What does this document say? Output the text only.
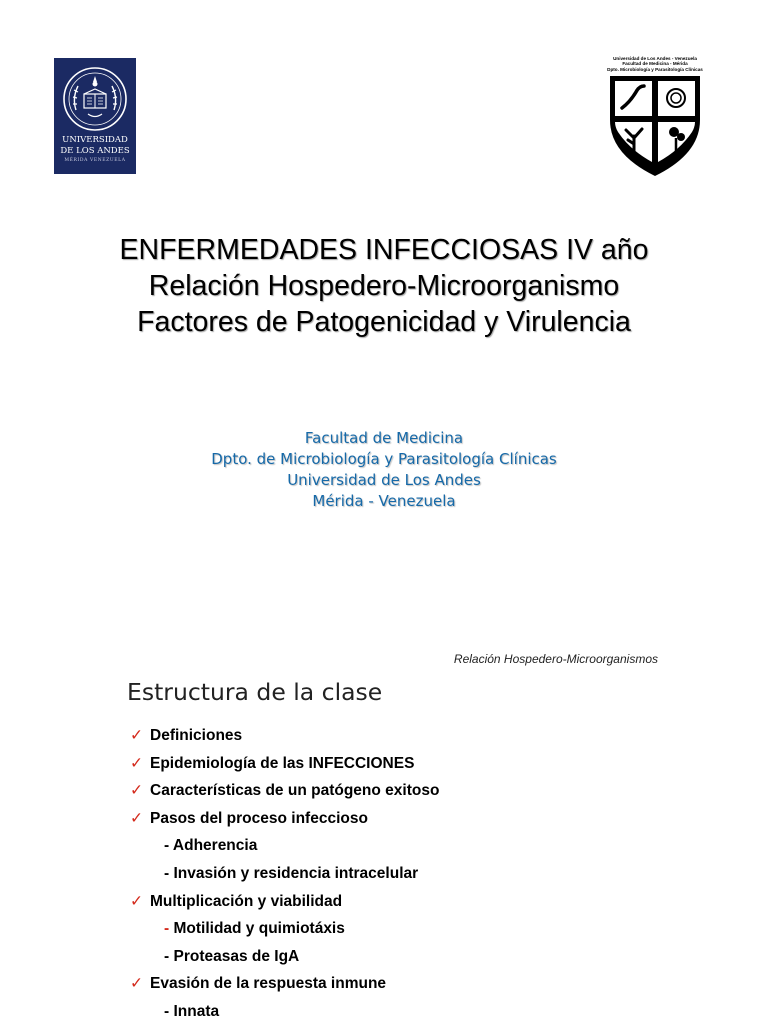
UNIVERSIDAD
DE LOS ANDES
MÉRIDA VENEZUELA
Universidad de Los Andes - Venezuela
Facultad de Medicina - Mérida
Dpto. Microbiología y Parasitología Clínicas
ENFERMEDADES INFECCIOSAS IV año
Relación Hospedero-Microorganismo
Factores de Patogenicidad y Virulencia
Facultad de Medicina
Dpto. de Microbiología y Parasitología Clínicas
Universidad de Los Andes
Mérida - Venezuela
Relación Hospedero-Microorganismos
Estructura de la clase
✓ Definiciones
✓ Epidemiología de las INFECCIONES
✓ Características de un patógeno exitoso
✓ Pasos del proceso infeccioso
- Adherencia
- Invasión y residencia intracelular
✓ Multiplicación y viabilidad
- Motilidad y quimiotáxis
- Proteasas de IgA
✓ Evasión de la respuesta inmune
- Innata
